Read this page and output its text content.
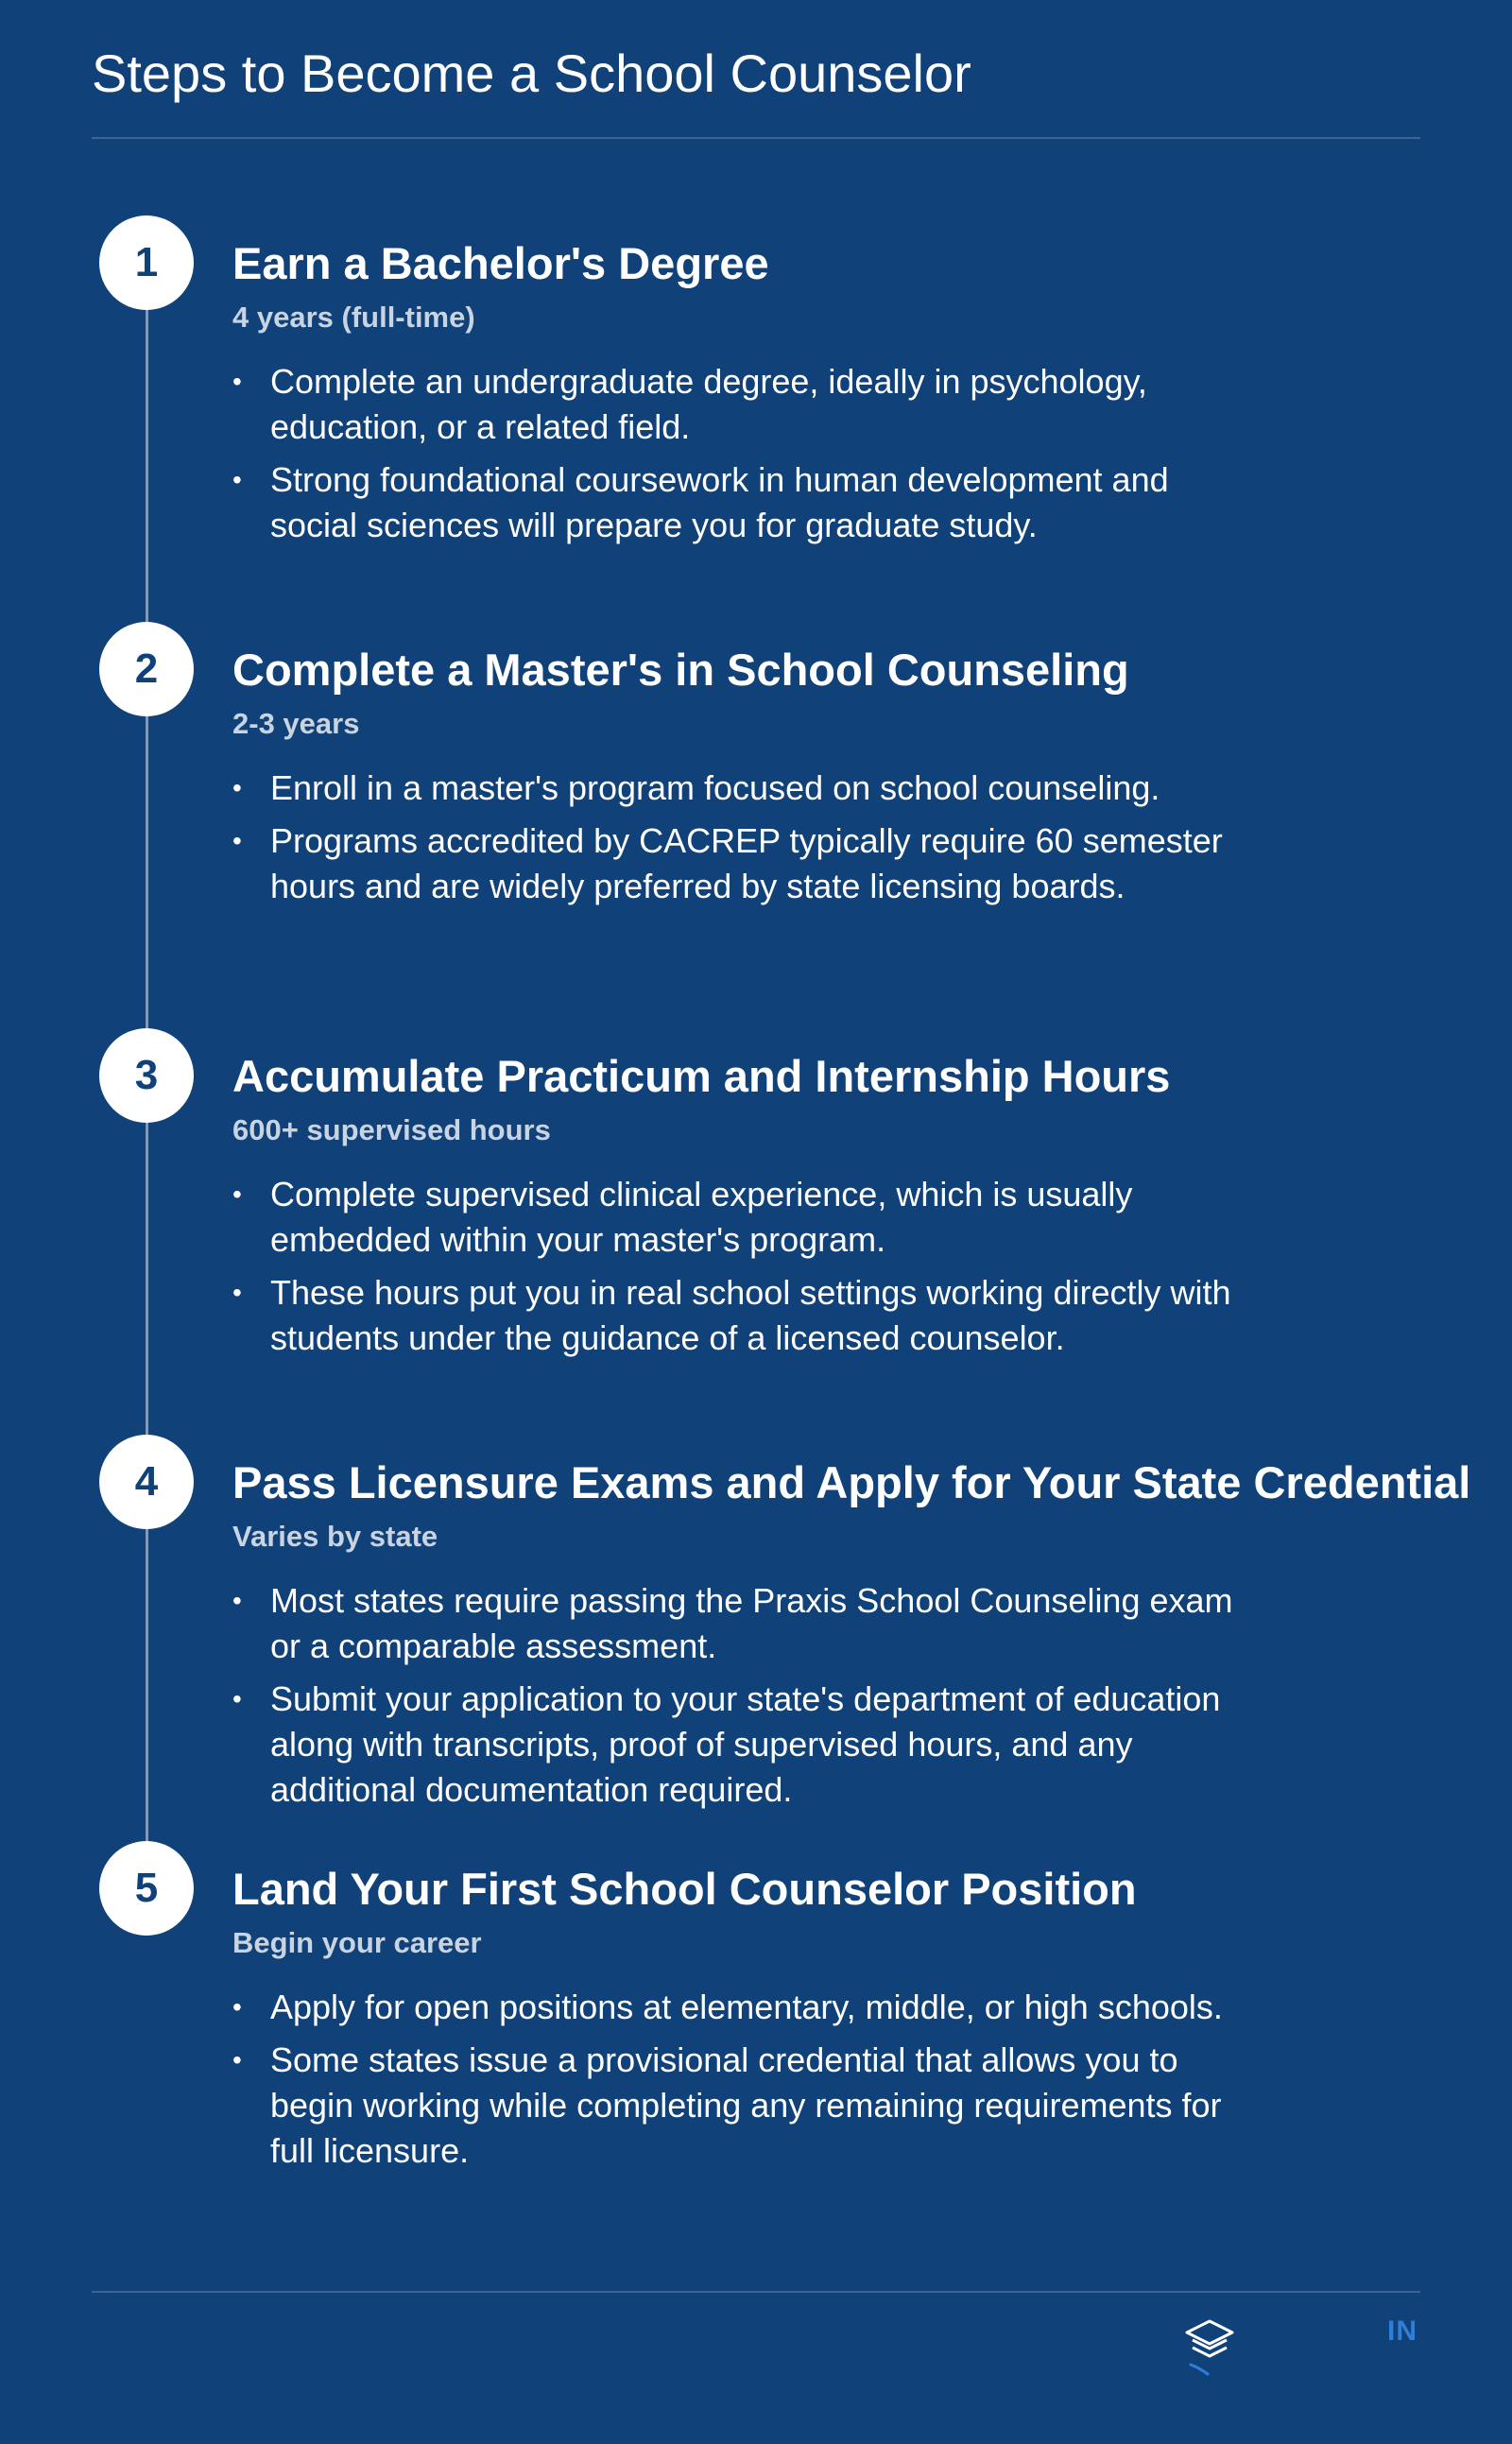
Steps to Become a School Counselor
1	Earn a Bachelor's Degree
4 years (full-time)
• Complete an undergraduate degree, ideally in psychology, education, or a related field.
• Strong foundational coursework in human development and social sciences will prepare you for graduate study.
2	Complete a Master's in School Counseling
2-3 years
• Enroll in a master's program focused on school counseling.
• Programs accredited by CACREP typically require 60 semester hours and are widely preferred by state licensing boards.
3	Accumulate Practicum and Internship Hours
600+ supervised hours
• Complete supervised clinical experience, which is usually embedded within your master's program.
• These hours put you in real school settings working directly with students under the guidance of a licensed counselor.
4	Pass Licensure Exams and Apply for Your State Credential
Varies by state
• Most states require passing the Praxis School Counseling exam or a comparable assessment.
• Submit your application to your state's department of education along with transcripts, proof of supervised hours, and any additional documentation required.
5	Land Your First School Counselor Position
Begin your career
• Apply for open positions at elementary, middle, or high schools.
• Some states issue a provisional credential that allows you to begin working while completing any remaining requirements for full licensure.
IN
